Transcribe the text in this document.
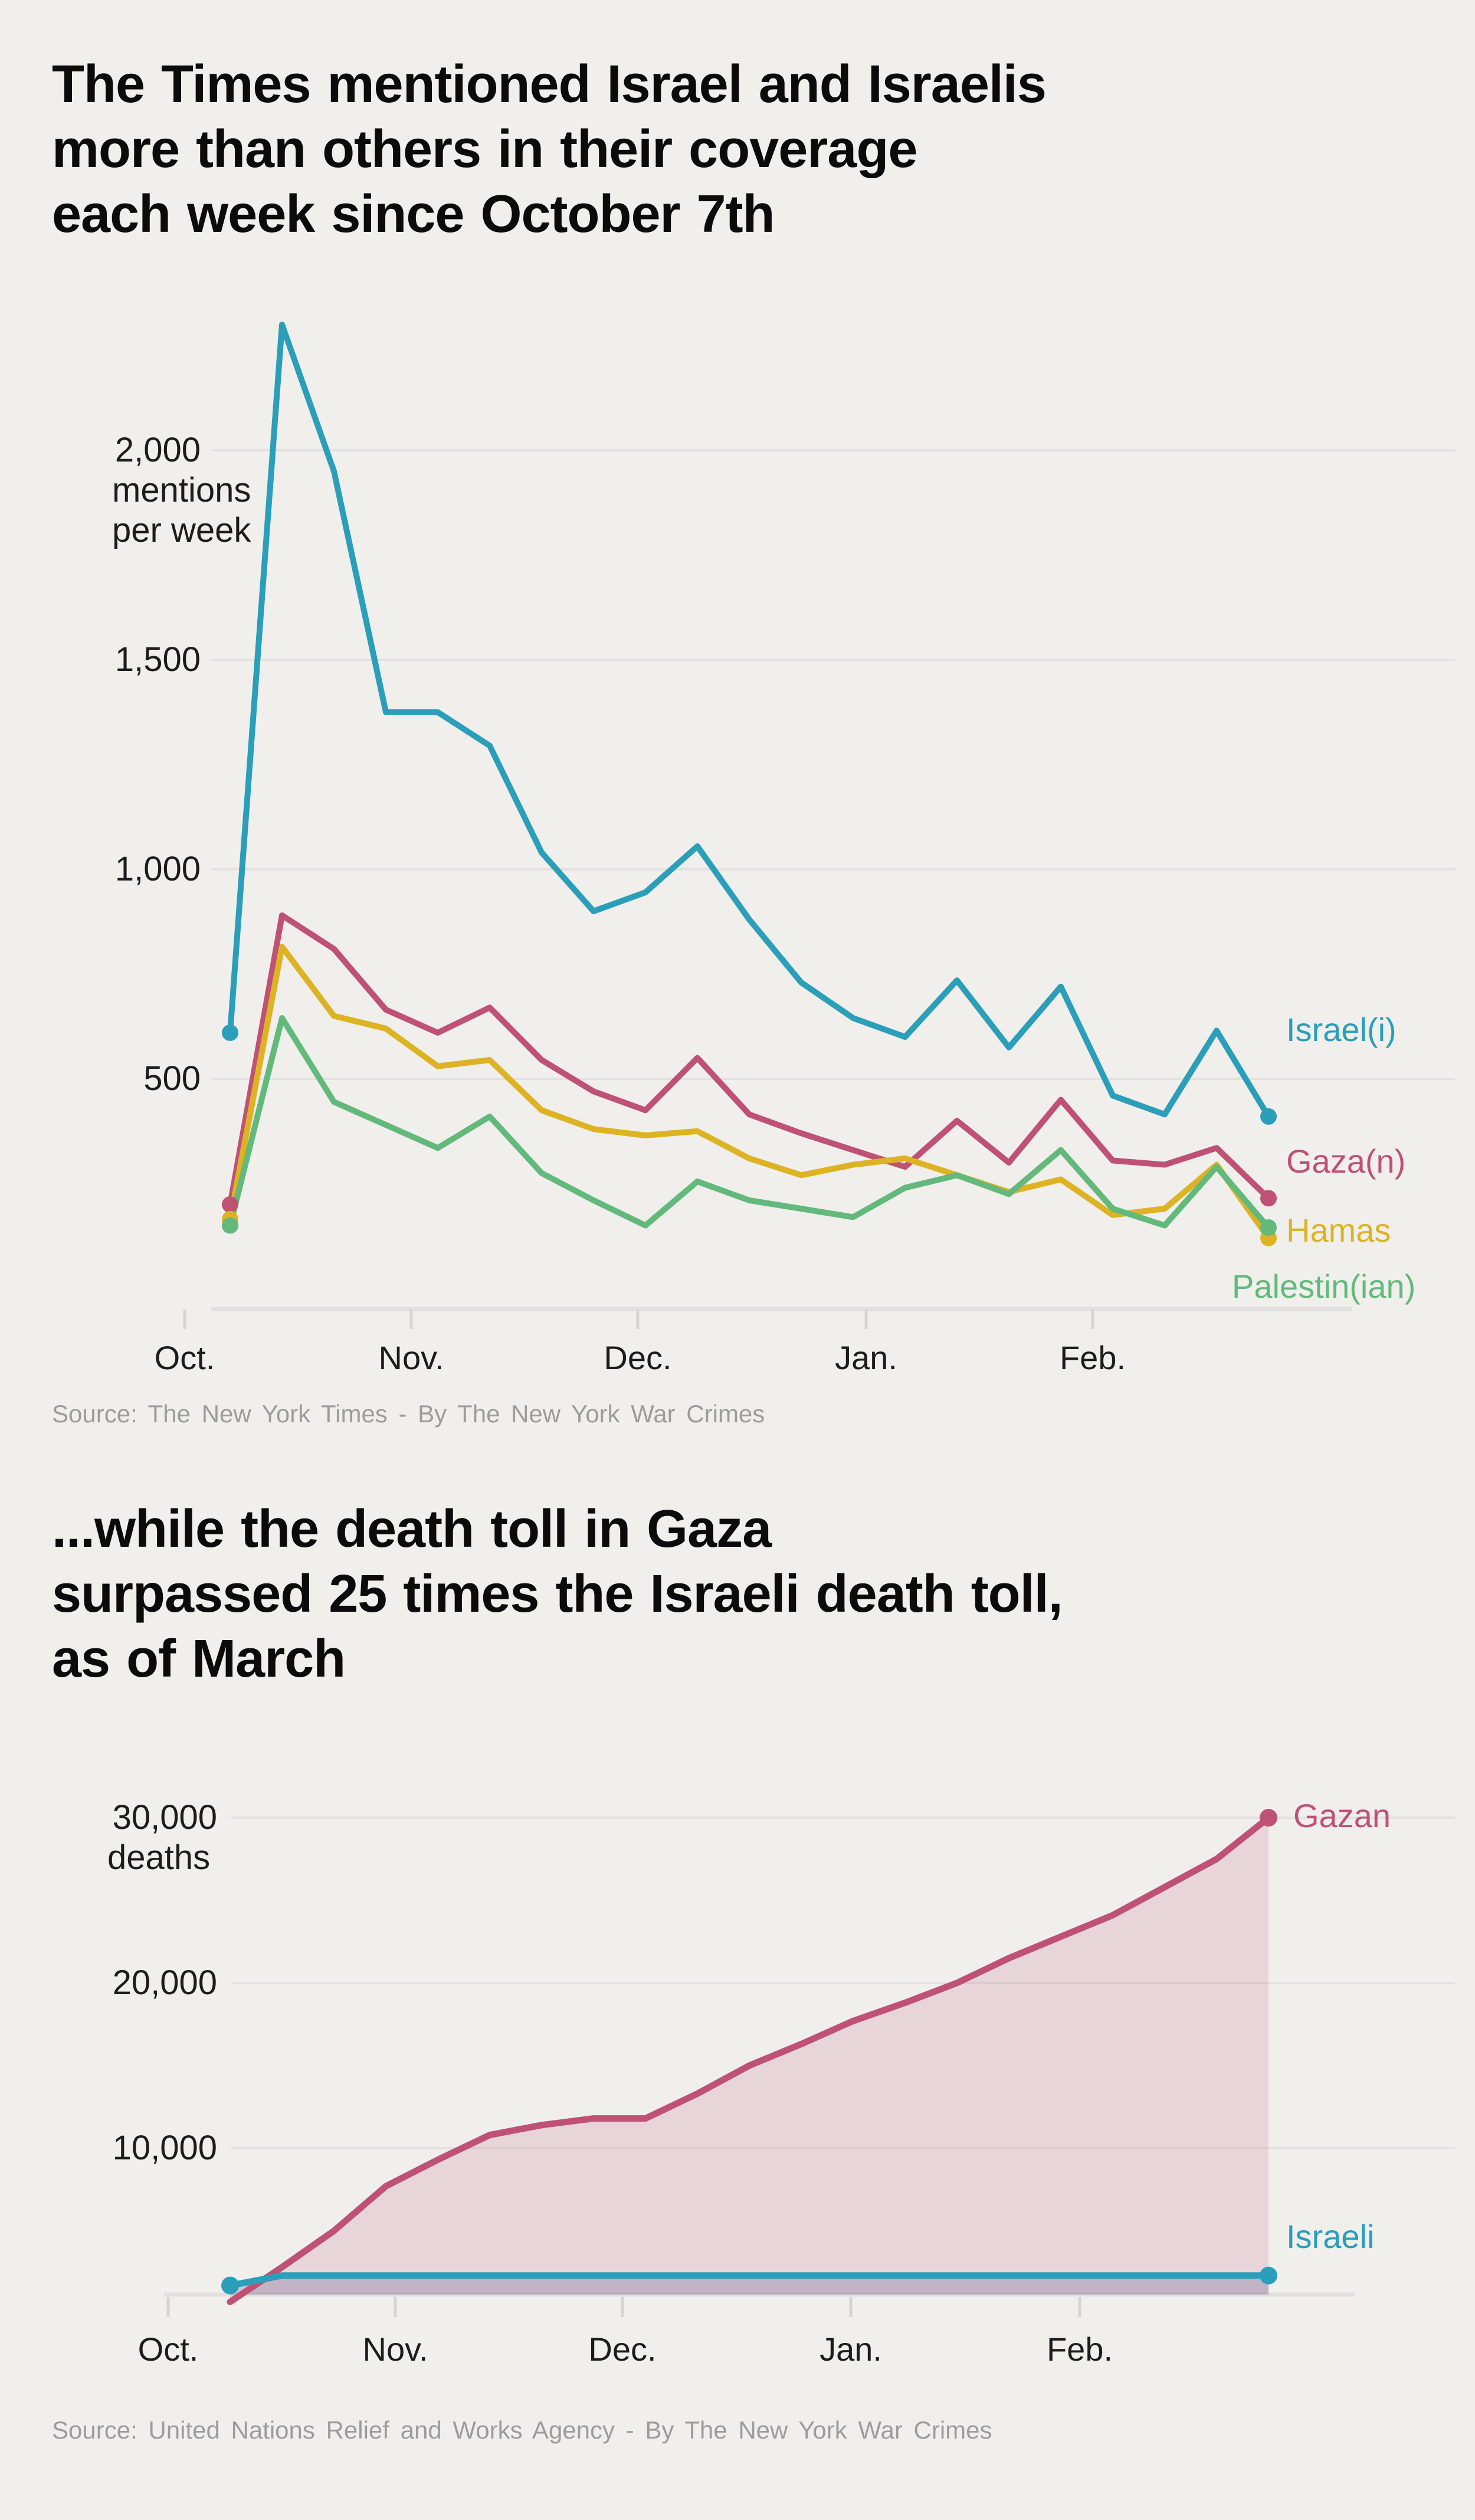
The Times mentioned Israel and Israelis
more than others in their coverage
each week since October 7th
2,000
mentions
per week
1,500
1,000
500
Oct.	Nov.	Dec.	Jan.	Feb.
Israel(i)
Gaza(n)
Hamas
Palestin(ian)
Source: The New York Times - By The New York War Crimes
...while the death toll in Gaza
surpassed 25 times the Israeli death toll,
as of March
30,000
deaths
20,000
10,000
Oct.	Nov.	Dec.	Jan.	Feb.
Gazan
Israeli
Source: United Nations Relief and Works Agency - By The New York War Crimes
